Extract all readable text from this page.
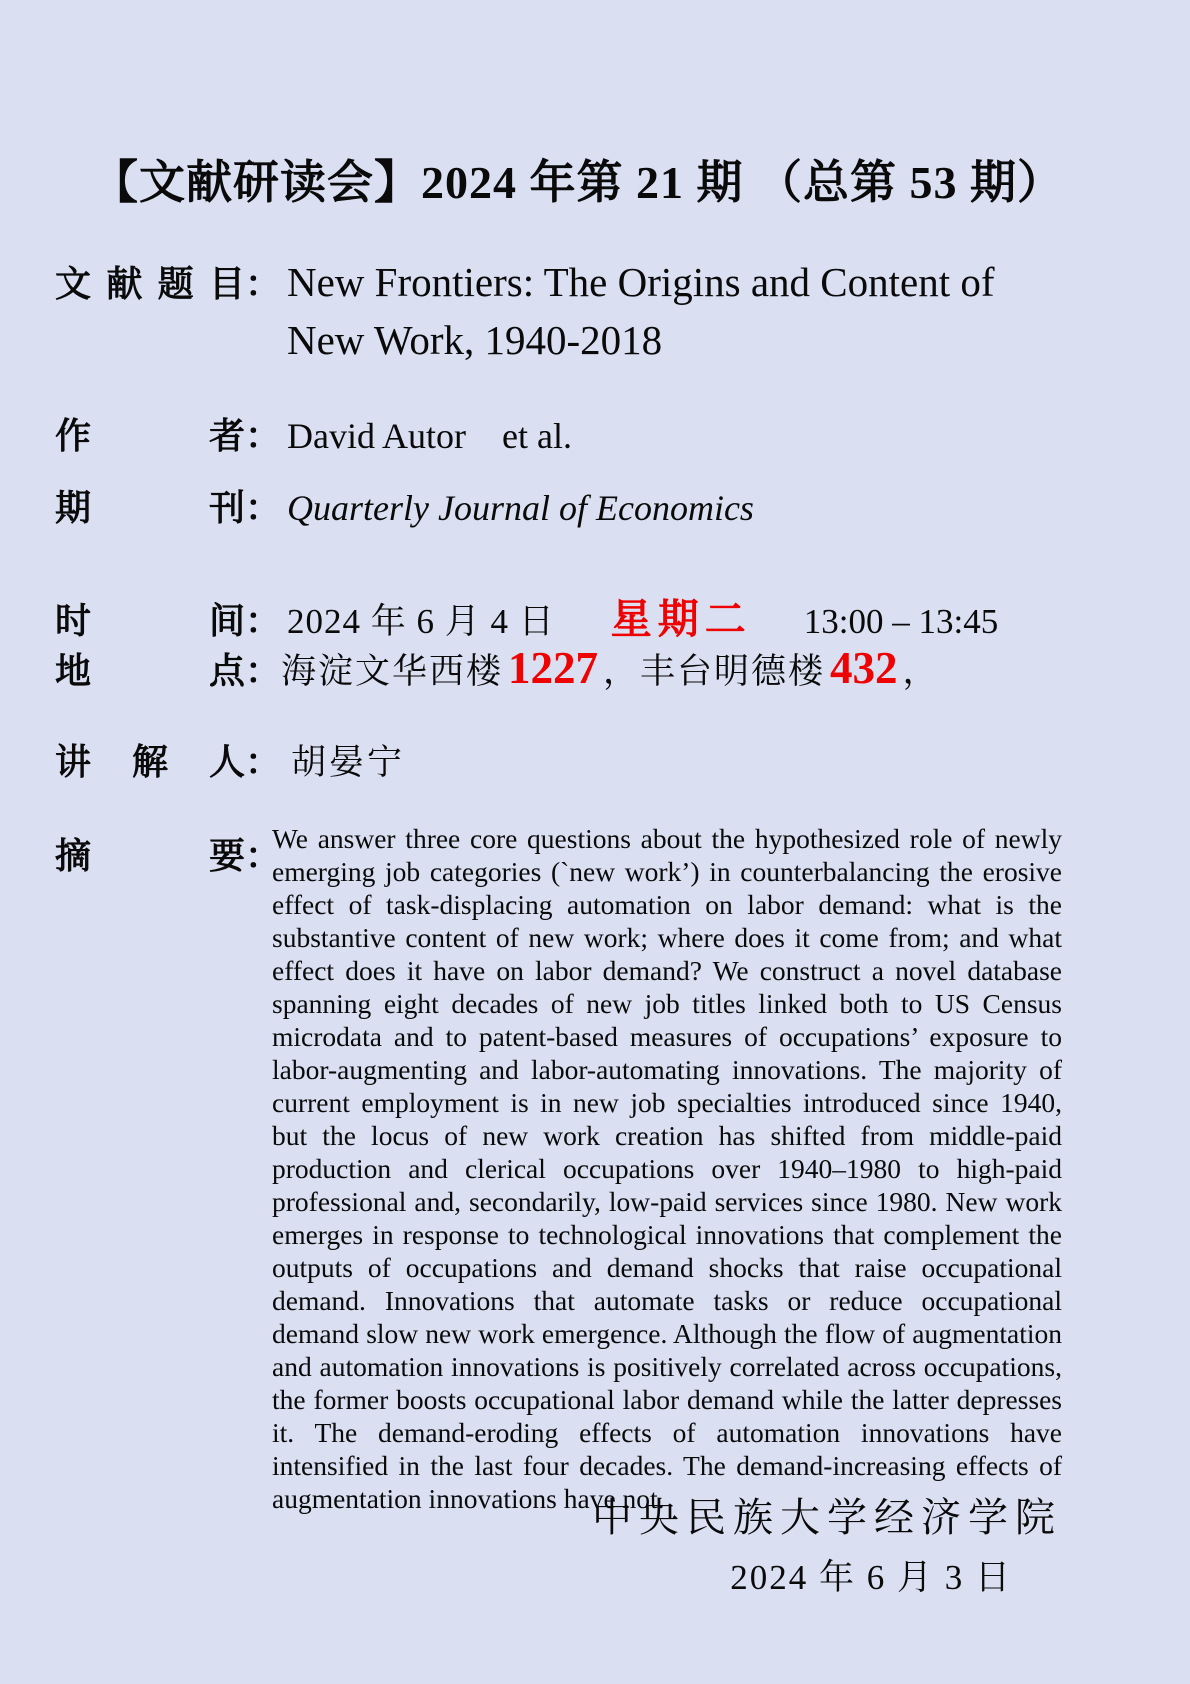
【文献研读会】2024 年第 21 期 （总第 53 期）
文 献 题 目 ： New Frontiers: The Origins and Content of
New Work, 1940-2018
作	者 ： David Autor　et al.
期	刊 ： Quarterly Journal of Economics
时	间 ： 2024 年 6 月 4 日 星期二 13:00 – 13:45
地	点 ： 海淀文华西楼 1227 ， 丰台明德楼 432 ，
讲 解 人 ： 胡晏宁
摘	要 ：
We answer three core questions about the hypothesized role of newly emerging job categories (`new work’) in counterbalancing the erosive effect of task-displacing automation on labor demand: what is the substantive content of new work; where does it come from; and what effect does it have on labor demand? We construct a novel database spanning eight decades of new job titles linked both to US Census microdata and to patent-based measures of occupations’ exposure to labor-augmenting and labor-automating innovations. The majority of current employment is in new job specialties introduced since 1940, but the locus of new work creation has shifted from middle-paid production and clerical occupations over 1940–1980 to high-paid professional and, secondarily, low-paid services since 1980. New work emerges in response to technological innovations that complement the outputs of occupations and demand shocks that raise occupational demand. Innovations that automate tasks or reduce occupational demand slow new work emergence. Although the flow of augmentation and automation innovations is positively correlated across occupations, the former boosts occupational labor demand while the latter depresses it. The demand-eroding effects of automation innovations have intensified in the last four decades. The demand-increasing effects of augmentation innovations have not.
中央民族大学经济学院
2024 年 6 月 3 日
